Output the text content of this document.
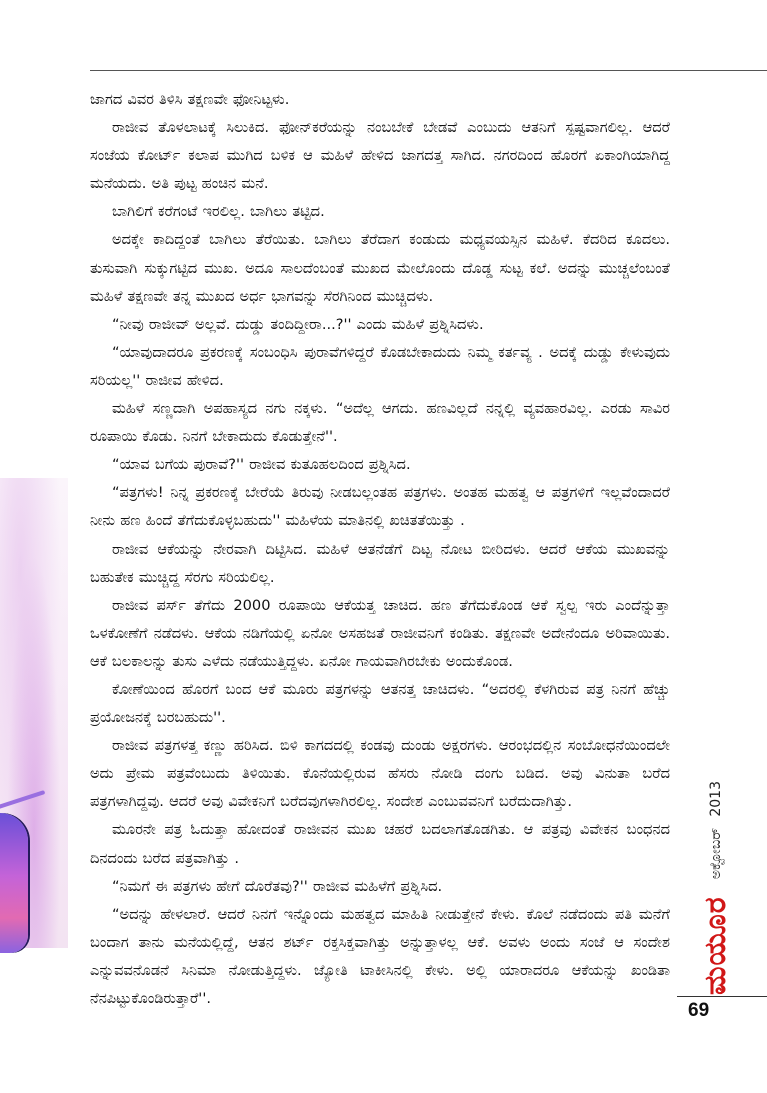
ಜಾಗದ ವಿವರ ತಿಳಿಸಿ ತಕ್ಷಣವೇ ಫೋನಿಟ್ಟಳು.

ರಾಜೀವ ತೊಳಲಾಟಕ್ಕೆ ಸಿಲುಕಿದ. ಫೋನ್‌ಕರೆಯನ್ನು ನಂಬಬೇಕೆ ಬೇಡವೆ ಎಂಬುದು ಆತನಿಗೆ ಸ್ಪಷ್ಟವಾಗಲಿಲ್ಲ. ಆದರೆ ಸಂಜೆಯ ಕೋರ್ಟ್ ಕಲಾಪ ಮುಗಿದ ಬಳಿಕ ಆ ಮಹಿಳೆ ಹೇಳಿದ ಜಾಗದತ್ತ ಸಾಗಿದ. ನಗರದಿಂದ ಹೊರಗೆ ಏಕಾಂಗಿಯಾಗಿದ್ದ ಮನೆಯದು. ಅತಿ ಪುಟ್ಟ ಹಂಚಿನ ಮನೆ.

ಬಾಗಿಲಿಗೆ ಕರೆಗಂಟೆ ಇರಲಿಲ್ಲ. ಬಾಗಿಲು ತಟ್ಟಿದ.

ಅದಕ್ಕೇ ಕಾದಿದ್ದಂತೆ ಬಾಗಿಲು ತೆರೆಯಿತು. ಬಾಗಿಲು ತೆರೆದಾಗ ಕಂಡುದು ಮಧ್ಯವಯಸ್ಸಿನ ಮಹಿಳೆ. ಕೆದರಿದ ಕೂದಲು. ತುಸುವಾಗಿ ಸುಕ್ಕುಗಟ್ಟಿದ ಮುಖ. ಅದೂ ಸಾಲದೆಂಬಂತೆ ಮುಖದ ಮೇಲೊಂದು ದೊಡ್ಡ ಸುಟ್ಟ ಕಲೆ. ಅದನ್ನು ಮುಚ್ಚಲೆಂಬಂತೆ ಮಹಿಳೆ ತಕ್ಷಣವೇ ತನ್ನ ಮುಖದ ಅರ್ಧ ಭಾಗವನ್ನು ಸೆರಗಿನಿಂದ ಮುಚ್ಚಿದಳು.

“ನೀವು ರಾಜೀವ್ ಅಲ್ಲವೆ. ದುಡ್ಡು ತಂದಿದ್ದೀರಾ...?'' ಎಂದು ಮಹಿಳೆ ಪ್ರಶ್ನಿಸಿದಳು.

“ಯಾವುದಾದರೂ ಪ್ರಕರಣಕ್ಕೆ ಸಂಬಂಧಿಸಿ ಪುರಾವೆಗಳಿದ್ದರೆ ಕೊಡಬೇಕಾದುದು ನಿಮ್ಮ ಕರ್ತವ್ಯ . ಅದಕ್ಕೆ ದುಡ್ಡು ಕೇಳುವುದು ಸರಿಯಲ್ಲ'' ರಾಜೀವ ಹೇಳಿದ.

ಮಹಿಳೆ ಸಣ್ಣದಾಗಿ ಅಪಹಾಸ್ಯದ ನಗು ನಕ್ಕಳು. “ಅದೆಲ್ಲ ಆಗದು. ಹಣವಿಲ್ಲದೆ ನನ್ನಲ್ಲಿ ವ್ಯವಹಾರವಿಲ್ಲ. ಎರಡು ಸಾವಿರ ರೂಪಾಯಿ ಕೊಡು. ನಿನಗೆ ಬೇಕಾದುದು ಕೊಡುತ್ತೇನೆ''.

“ಯಾವ ಬಗೆಯ ಪುರಾವೆ?'' ರಾಜೀವ ಕುತೂಹಲದಿಂದ ಪ್ರಶ್ನಿಸಿದ.

“ಪತ್ರಗಳು! ನಿನ್ನ ಪ್ರಕರಣಕ್ಕೆ ಬೇರೆಯೆ ತಿರುವು ನೀಡಬಲ್ಲಂತಹ ಪತ್ರಗಳು. ಅಂತಹ ಮಹತ್ವ ಆ ಪತ್ರಗಳಿಗೆ ಇಲ್ಲವೆಂದಾದರೆ ನೀನು ಹಣ ಹಿಂದೆ ತೆಗೆದುಕೊಳ್ಳಬಹುದು'' ಮಹಿಳೆಯ ಮಾತಿನಲ್ಲಿ ಖಚಿತತೆಯಿತ್ತು .

ರಾಜೀವ ಆಕೆಯನ್ನು ನೇರವಾಗಿ ದಿಟ್ಟಿಸಿದ. ಮಹಿಳೆ ಆತನೆಡೆಗೆ ದಿಟ್ಟ ನೋಟ ಬೀರಿದಳು. ಆದರೆ ಆಕೆಯ ಮುಖವನ್ನು ಬಹುತೇಕ ಮುಚ್ಚಿದ್ದ ಸೆರಗು ಸರಿಯಲಿಲ್ಲ.

ರಾಜೀವ ಪರ್ಸ್ ತೆಗೆದು 2000 ರೂಪಾಯಿ ಆಕೆಯತ್ತ ಚಾಚಿದ. ಹಣ ತೆಗೆದುಕೊಂಡ ಆಕೆ ಸ್ವಲ್ಪ ಇರು ಎಂದೆನ್ನುತ್ತಾ ಒಳಕೋಣೆಗೆ ನಡೆದಳು. ಆಕೆಯ ನಡಿಗೆಯಲ್ಲಿ ಏನೋ ಅಸಹಜತೆ ರಾಜೀವನಿಗೆ ಕಂಡಿತು. ತಕ್ಷಣವೇ ಅದೇನೆಂದೂ ಅರಿವಾಯಿತು. ಆಕೆ ಬಲಕಾಲನ್ನು ತುಸು ಎಳೆದು ನಡೆಯುತ್ತಿದ್ದಳು. ಏನೋ ಗಾಯವಾಗಿರಬೇಕು ಅಂದುಕೊಂಡ.

ಕೋಣೆಯಿಂದ ಹೊರಗೆ ಬಂದ ಆಕೆ ಮೂರು ಪತ್ರಗಳನ್ನು ಆತನತ್ತ ಚಾಚಿದಳು. “ಅದರಲ್ಲಿ ಕೆಳಗಿರುವ ಪತ್ರ ನಿನಗೆ ಹೆಚ್ಚು ಪ್ರಯೋಜನಕ್ಕೆ ಬರಬಹುದು''.

ರಾಜೀವ ಪತ್ರಗಳತ್ತ ಕಣ್ಣು ಹರಿಸಿದ. ಬಿಳಿ ಕಾಗದದಲ್ಲಿ ಕಂಡವು ದುಂಡು ಅಕ್ಷರಗಳು. ಆರಂಭದಲ್ಲಿನ ಸಂಬೋಧನೆಯಿಂದಲೇ ಅದು ಪ್ರೇಮ ಪತ್ರವೆಂಬುದು ತಿಳಿಯಿತು. ಕೊನೆಯಲ್ಲಿರುವ ಹೆಸರು ನೋಡಿ ದಂಗು ಬಡಿದ. ಅವು ವಿನುತಾ ಬರೆದ ಪತ್ರಗಳಾಗಿದ್ದವು. ಆದರೆ ಅವು ವಿವೇಕನಿಗೆ ಬರೆದವುಗಳಾಗಿರಲಿಲ್ಲ. ಸಂದೇಶ ಎಂಬುವವನಿಗೆ ಬರೆದುದಾಗಿತ್ತು.

ಮೂರನೇ ಪತ್ರ ಓದುತ್ತಾ ಹೋದಂತೆ ರಾಜೀವನ ಮುಖ ಚಹರೆ ಬದಲಾಗತೊಡಗಿತು. ಆ ಪತ್ರವು ವಿವೇಕನ ಬಂಧನದ ದಿನದಂದು ಬರೆದ ಪತ್ರವಾಗಿತ್ತು .

“ನಿಮಗೆ ಈ ಪತ್ರಗಳು ಹೇಗೆ ದೊರೆತವು?'' ರಾಜೀವ ಮಹಿಳೆಗೆ ಪ್ರಶ್ನಿಸಿದ.

“ಅದನ್ನು ಹೇಳಲಾರೆ. ಆದರೆ ನಿನಗೆ ಇನ್ನೊಂದು ಮಹತ್ವದ ಮಾಹಿತಿ ನೀಡುತ್ತೇನೆ ಕೇಳು. ಕೊಲೆ ನಡೆದಂದು ಪತಿ ಮನೆಗೆ ಬಂದಾಗ ತಾನು ಮನೆಯಲ್ಲಿದ್ದೆ, ಆತನ ಶರ್ಟ್ ರಕ್ತಸಿಕ್ತವಾಗಿತ್ತು ಅನ್ನುತ್ತಾಳಲ್ಲ ಆಕೆ. ಅವಳು ಅಂದು ಸಂಜೆ ಆ ಸಂದೇಶ ಎನ್ನುವವನೊಡನೆ ಸಿನಿಮಾ ನೋಡುತ್ತಿದ್ದಳು. ಜ್ಯೋತಿ ಟಾಕೀಸಿನಲ್ಲಿ ಕೇಳು. ಅಲ್ಲಿ ಯಾರಾದರೂ ಆಕೆಯನ್ನು ಖಂಡಿತಾ ನೆನಪಿಟ್ಟುಕೊಂಡಿರುತ್ತಾರೆ''.

ಮಯೂರ ಅಕ್ಟೋಬರ್ 2013
69
